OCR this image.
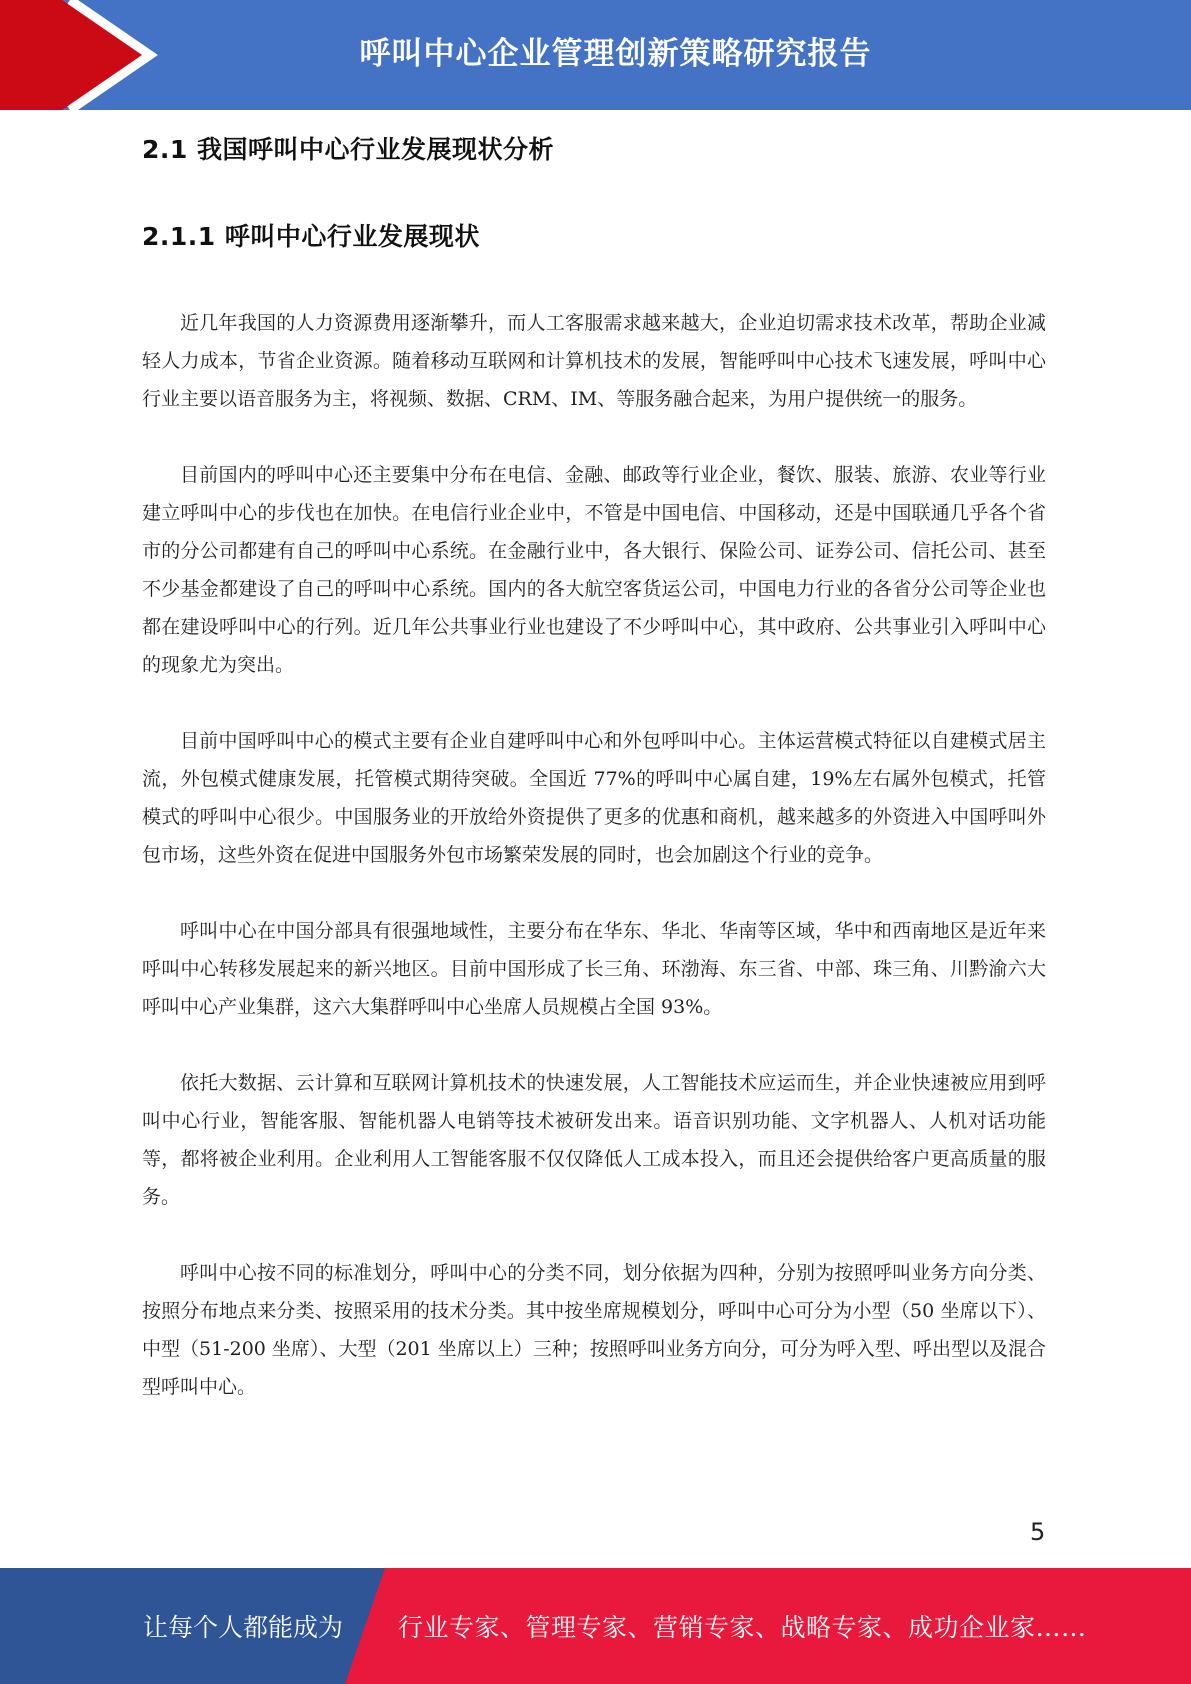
呼叫中心企业管理创新策略研究报告
2.1 我国呼叫中心行业发展现状分析
2.1.1 呼叫中心行业发展现状

近几年我国的人力资源费用逐渐攀升，而人工客服需求越来越大，企业迫切需求技术改革，帮助企业减轻人力成本，节省企业资源。随着移动互联网和计算机技术的发展，智能呼叫中心技术飞速发展，呼叫中心行业主要以语音服务为主，将视频、数据、CRM、IM、等服务融合起来，为用户提供统一的服务。

目前国内的呼叫中心还主要集中分布在电信、金融、邮政等行业企业，餐饮、服装、旅游、农业等行业建立呼叫中心的步伐也在加快。在电信行业企业中，不管是中国电信、中国移动，还是中国联通几乎各个省市的分公司都建有自己的呼叫中心系统。在金融行业中，各大银行、保险公司、证券公司、信托公司、甚至不少基金都建设了自己的呼叫中心系统。国内的各大航空客货运公司，中国电力行业的各省分公司等企业也都在建设呼叫中心的行列。近几年公共事业行业也建设了不少呼叫中心，其中政府、公共事业引入呼叫中心的现象尤为突出。

目前中国呼叫中心的模式主要有企业自建呼叫中心和外包呼叫中心。主体运营模式特征以自建模式居主流，外包模式健康发展，托管模式期待突破。全国近 77%的呼叫中心属自建，19%左右属外包模式，托管模式的呼叫中心很少。中国服务业的开放给外资提供了更多的优惠和商机，越来越多的外资进入中国呼叫外包市场，这些外资在促进中国服务外包市场繁荣发展的同时，也会加剧这个行业的竞争。

呼叫中心在中国分部具有很强地域性，主要分布在华东、华北、华南等区域，华中和西南地区是近年来呼叫中心转移发展起来的新兴地区。目前中国形成了长三角、环渤海、东三省、中部、珠三角、川黔渝六大呼叫中心产业集群，这六大集群呼叫中心坐席人员规模占全国 93%。

依托大数据、云计算和互联网计算机技术的快速发展，人工智能技术应运而生，并企业快速被应用到呼叫中心行业，智能客服、智能机器人电销等技术被研发出来。语音识别功能、文字机器人、人机对话功能等，都将被企业利用。企业利用人工智能客服不仅仅降低人工成本投入，而且还会提供给客户更高质量的服务。

呼叫中心按不同的标准划分，呼叫中心的分类不同，划分依据为四种，分别为按照呼叫业务方向分类、按照分布地点来分类、按照采用的技术分类。其中按坐席规模划分，呼叫中心可分为小型（50 坐席以下）、中型（51-200 坐席）、大型（201 坐席以上）三种；按照呼叫业务方向分，可分为呼入型、呼出型以及混合型呼叫中心。

5
让每个人都能成为 行业专家、管理专家、营销专家、战略专家、成功企业家……
